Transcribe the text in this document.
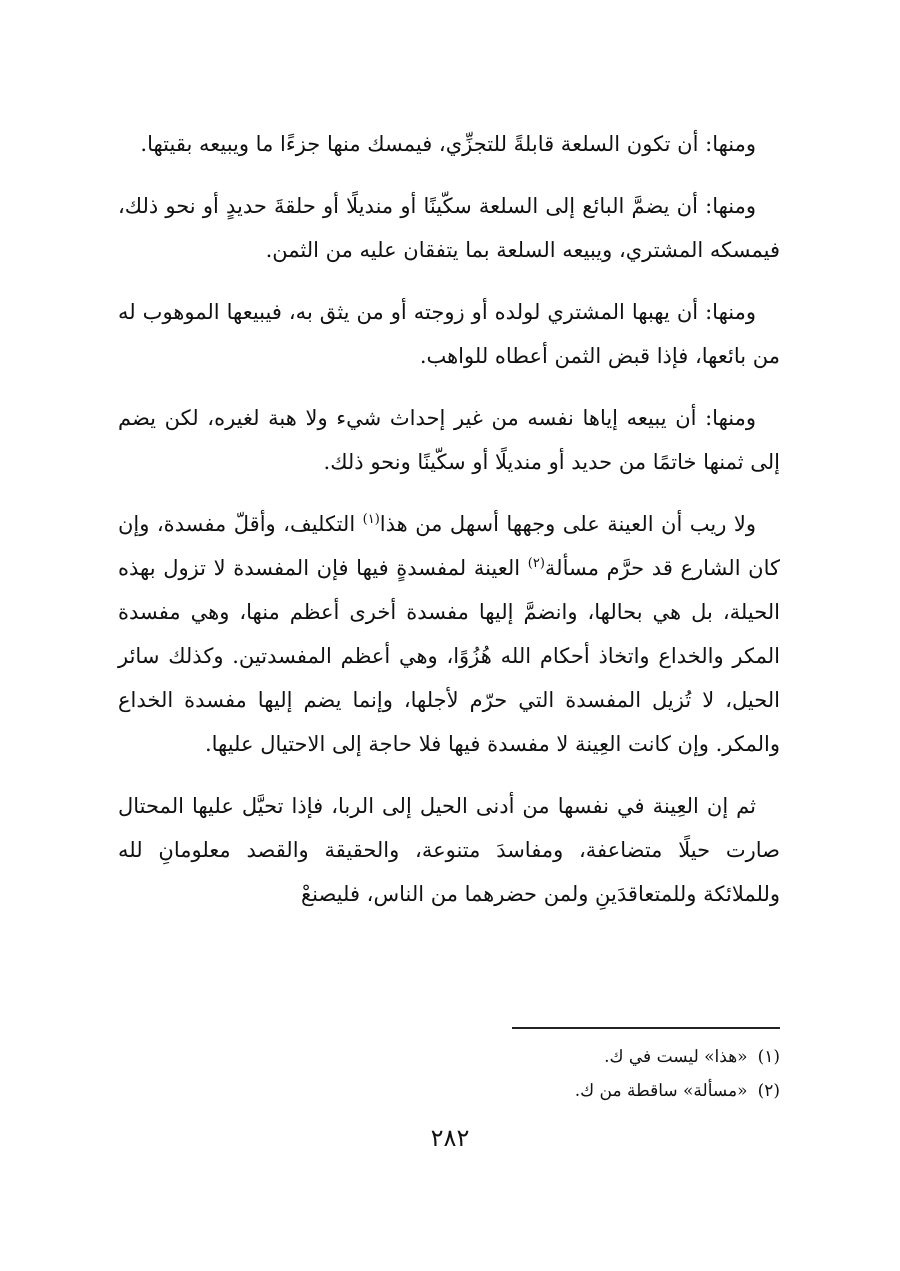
ومنها: أن تكون السلعة قابلةً للتجزِّي، فيمسك منها جزءًا ما ويبيعه بقيتها.

ومنها: أن يضمَّ البائع إلى السلعة سكّينًا أو منديلًا أو حلقةَ حديدٍ أو نحو ذلك، فيمسكه المشتري، ويبيعه السلعة بما يتفقان عليه من الثمن.

ومنها: أن يهبها المشتري لولده أو زوجته أو من يثق به، فيبيعها الموهوب له من بائعها، فإذا قبض الثمن أعطاه للواهب.

ومنها: أن يبيعه إياها نفسه من غير إحداث شيء ولا هبة لغيره، لكن يضم إلى ثمنها خاتمًا من حديد أو منديلًا أو سكّينًا ونحو ذلك.

ولا ريب أن العينة على وجهها أسهل من هذا$^{(١)}$ التكليف، وأقلّ مفسدة، وإن كان الشارع قد حرَّم مسألة$^{(٢)}$ العينة لمفسدةٍ فيها فإن المفسدة لا تزول بهذه الحيلة، بل هي بحالها، وانضمَّ إليها مفسدة أخرى أعظم منها، وهي مفسدة المكر والخداع واتخاذ أحكام الله هُزُوًا، وهي أعظم المفسدتين. وكذلك سائر الحيل، لا تُزيل المفسدة التي حرّم لأجلها، وإنما يضم إليها مفسدة الخداع والمكر. وإن كانت العِينة لا مفسدة فيها فلا حاجة إلى الاحتيال عليها.

ثم إن العِينة في نفسها من أدنى الحيل إلى الربا، فإذا تحيَّل عليها المحتال صارت حيلًا متضاعفة، ومفاسدَ متنوعة، والحقيقة والقصد معلومانِ لله وللملائكة وللمتعاقدَينِ ولمن حضرهما من الناس، فليصنعْ

(١)«هذا» ليست في ك.

(٢)«مسألة» ساقطة من ك.

٢٨٢
